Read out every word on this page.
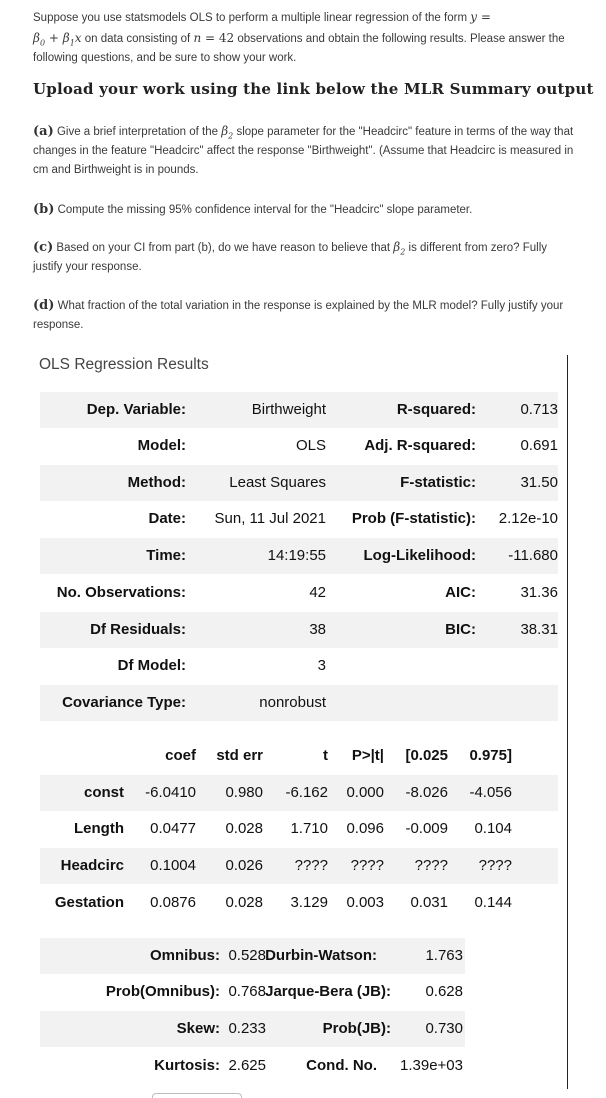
Suppose you use statsmodels OLS to perform a multiple linear regression of the form y =
$\beta_0 + \beta_1x$ on data consisting of n = 42 observations and obtain the following results. Please answer the following questions, and be sure to show your work.
Upload your work using the link below the MLR Summary output
(a) Give a brief interpretation of the $\beta_2$ slope parameter for the "Headcirc" feature in terms of the way that changes in the feature "Headcirc" affect the response "Birthweight". (Assume that Headcirc is measured in cm and Birthweight is in pounds.
(b) Compute the missing 95% confidence interval for the "Headcirc" slope parameter.
(c) Based on your CI from part (b), do we have reason to believe that $\beta_2$ is different from zero? Fully justify your response.
(d) What fraction of the total variation in the response is explained by the MLR model? Fully justify your response.
OLS Regression Results
Dep. Variable:	Birthweight	R-squared:	0.713
Model:	OLS	Adj. R-squared:	0.691
Method:	Least Squares	F-statistic:	31.50
Date: Sun, 11 Jul 2021 Prob (F-statistic): 2.12e-10
Time:	14:19:55	Log-Likelihood: -11.680
No. Observations:	42	AIC:	31.36
Df Residuals:	38	BIC:	38.31
Df Model:	3
Covariance Type:	nonrobust
coef std err	t P>|t| [0.025 0.975]
const -6.0410 0.980 -6.162 0.000 -8.026 -4.056
Length 0.0477 0.028 1.710 0.096 -0.009 0.104
Headcirc 0.1004 0.026 ???? ???? ???? ????
Gestation 0.0876 0.028 3.129 0.003 0.031 0.144
Omnibus: 0.528 Durbin-Watson:	1.763
Prob(Omnibus): 0.768 Jarque-Bera (JB): 0.628
Skew: 0.233	Prob(JB): 0.730
Kurtosis: 2.625	Cond. No. 1.39e+03
